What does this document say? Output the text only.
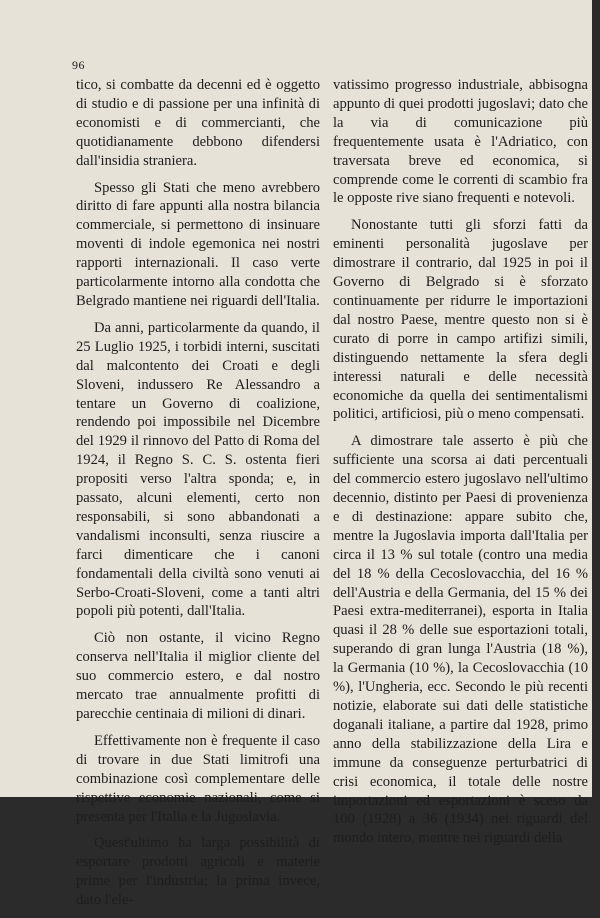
96

tico, si combatte da decenni ed è oggetto di studio e di passione per una infinità di economisti e di commercianti, che quotidianamente debbono difendersi dall'insidia straniera.

Spesso gli Stati che meno avrebbero diritto di fare appunti alla nostra bilancia commerciale, si permettono di insinuare moventi di indole egemonica nei nostri rapporti internazionali. Il caso verte particolarmente intorno alla condotta che Belgrado mantiene nei riguardi dell'Italia.

Da anni, particolarmente da quando, il 25 Luglio 1925, i torbidi interni, suscitati dal malcontento dei Croati e degli Sloveni, indussero Re Alessandro a tentare un Governo di coalizione, rendendo poi impossibile nel Dicembre del 1929 il rinnovo del Patto di Roma del 1924, il Regno S. C. S. ostenta fieri propositi verso l'altra sponda; e, in passato, alcuni elementi, certo non responsabili, si sono abbandonati a vandalismi inconsulti, senza riuscire a farci dimenticare che i canoni fondamentali della civiltà sono venuti ai Serbo-Croati-Sloveni, come a tanti altri popoli più potenti, dall'Italia.

Ciò non ostante, il vicino Regno conserva nell'Italia il miglior cliente del suo commercio estero, e dal nostro mercato trae annualmente profitti di parecchie centinaia di milioni di dinari.

Effettivamente non è frequente il caso di trovare in due Stati limitrofi una combinazione così complementare delle rispettive economie nazionali, come si presenta per l'Italia e la Jugoslavia.

Quest'ultimo ha larga possibilità di esportare prodotti agricoli e materie prime per l'industria; la prima invece, dato l'ele-

vatissimo progresso industriale, abbisogna appunto di quei prodotti jugoslavi; dato che la via di comunicazione più frequentemente usata è l'Adriatico, con traversata breve ed economica, si comprende come le correnti di scambio fra le opposte rive siano frequenti e notevoli.

Nonostante tutti gli sforzi fatti da eminenti personalità jugoslave per dimostrare il contrario, dal 1925 in poi il Governo di Belgrado si è sforzato continuamente per ridurre le importazioni dal nostro Paese, mentre questo non si è curato di porre in campo artifizi simili, distinguendo nettamente la sfera degli interessi naturali e delle necessità economiche da quella dei sentimentalismi politici, artificiosi, più o meno compensati.

A dimostrare tale asserto è più che sufficiente una scorsa ai dati percentuali del commercio estero jugoslavo nell'ultimo decennio, distinto per Paesi di provenienza e di destinazione: appare subito che, mentre la Jugoslavia importa dall'Italia per circa il 13 % sul totale (contro una media del 18 % della Cecoslovacchia, del 16 % dell'Austria e della Germania, del 15 % dei Paesi extra-mediterranei), esporta in Italia quasi il 28 % delle sue esportazioni totali, superando di gran lunga l'Austria (18 %), la Germania (10 %), la Cecoslovacchia (10 %), l'Ungheria, ecc. Secondo le più recenti notizie, elaborate sui dati delle statistiche doganali italiane, a partire dal 1928, primo anno della stabilizzazione della Lira e immune da conseguenze perturbatrici di crisi economica, il totale delle nostre importazioni ed esportazioni è sceso da 100 (1928) a 36 (1934) nei riguardi del mondo intero, mentre nei riguardi della
